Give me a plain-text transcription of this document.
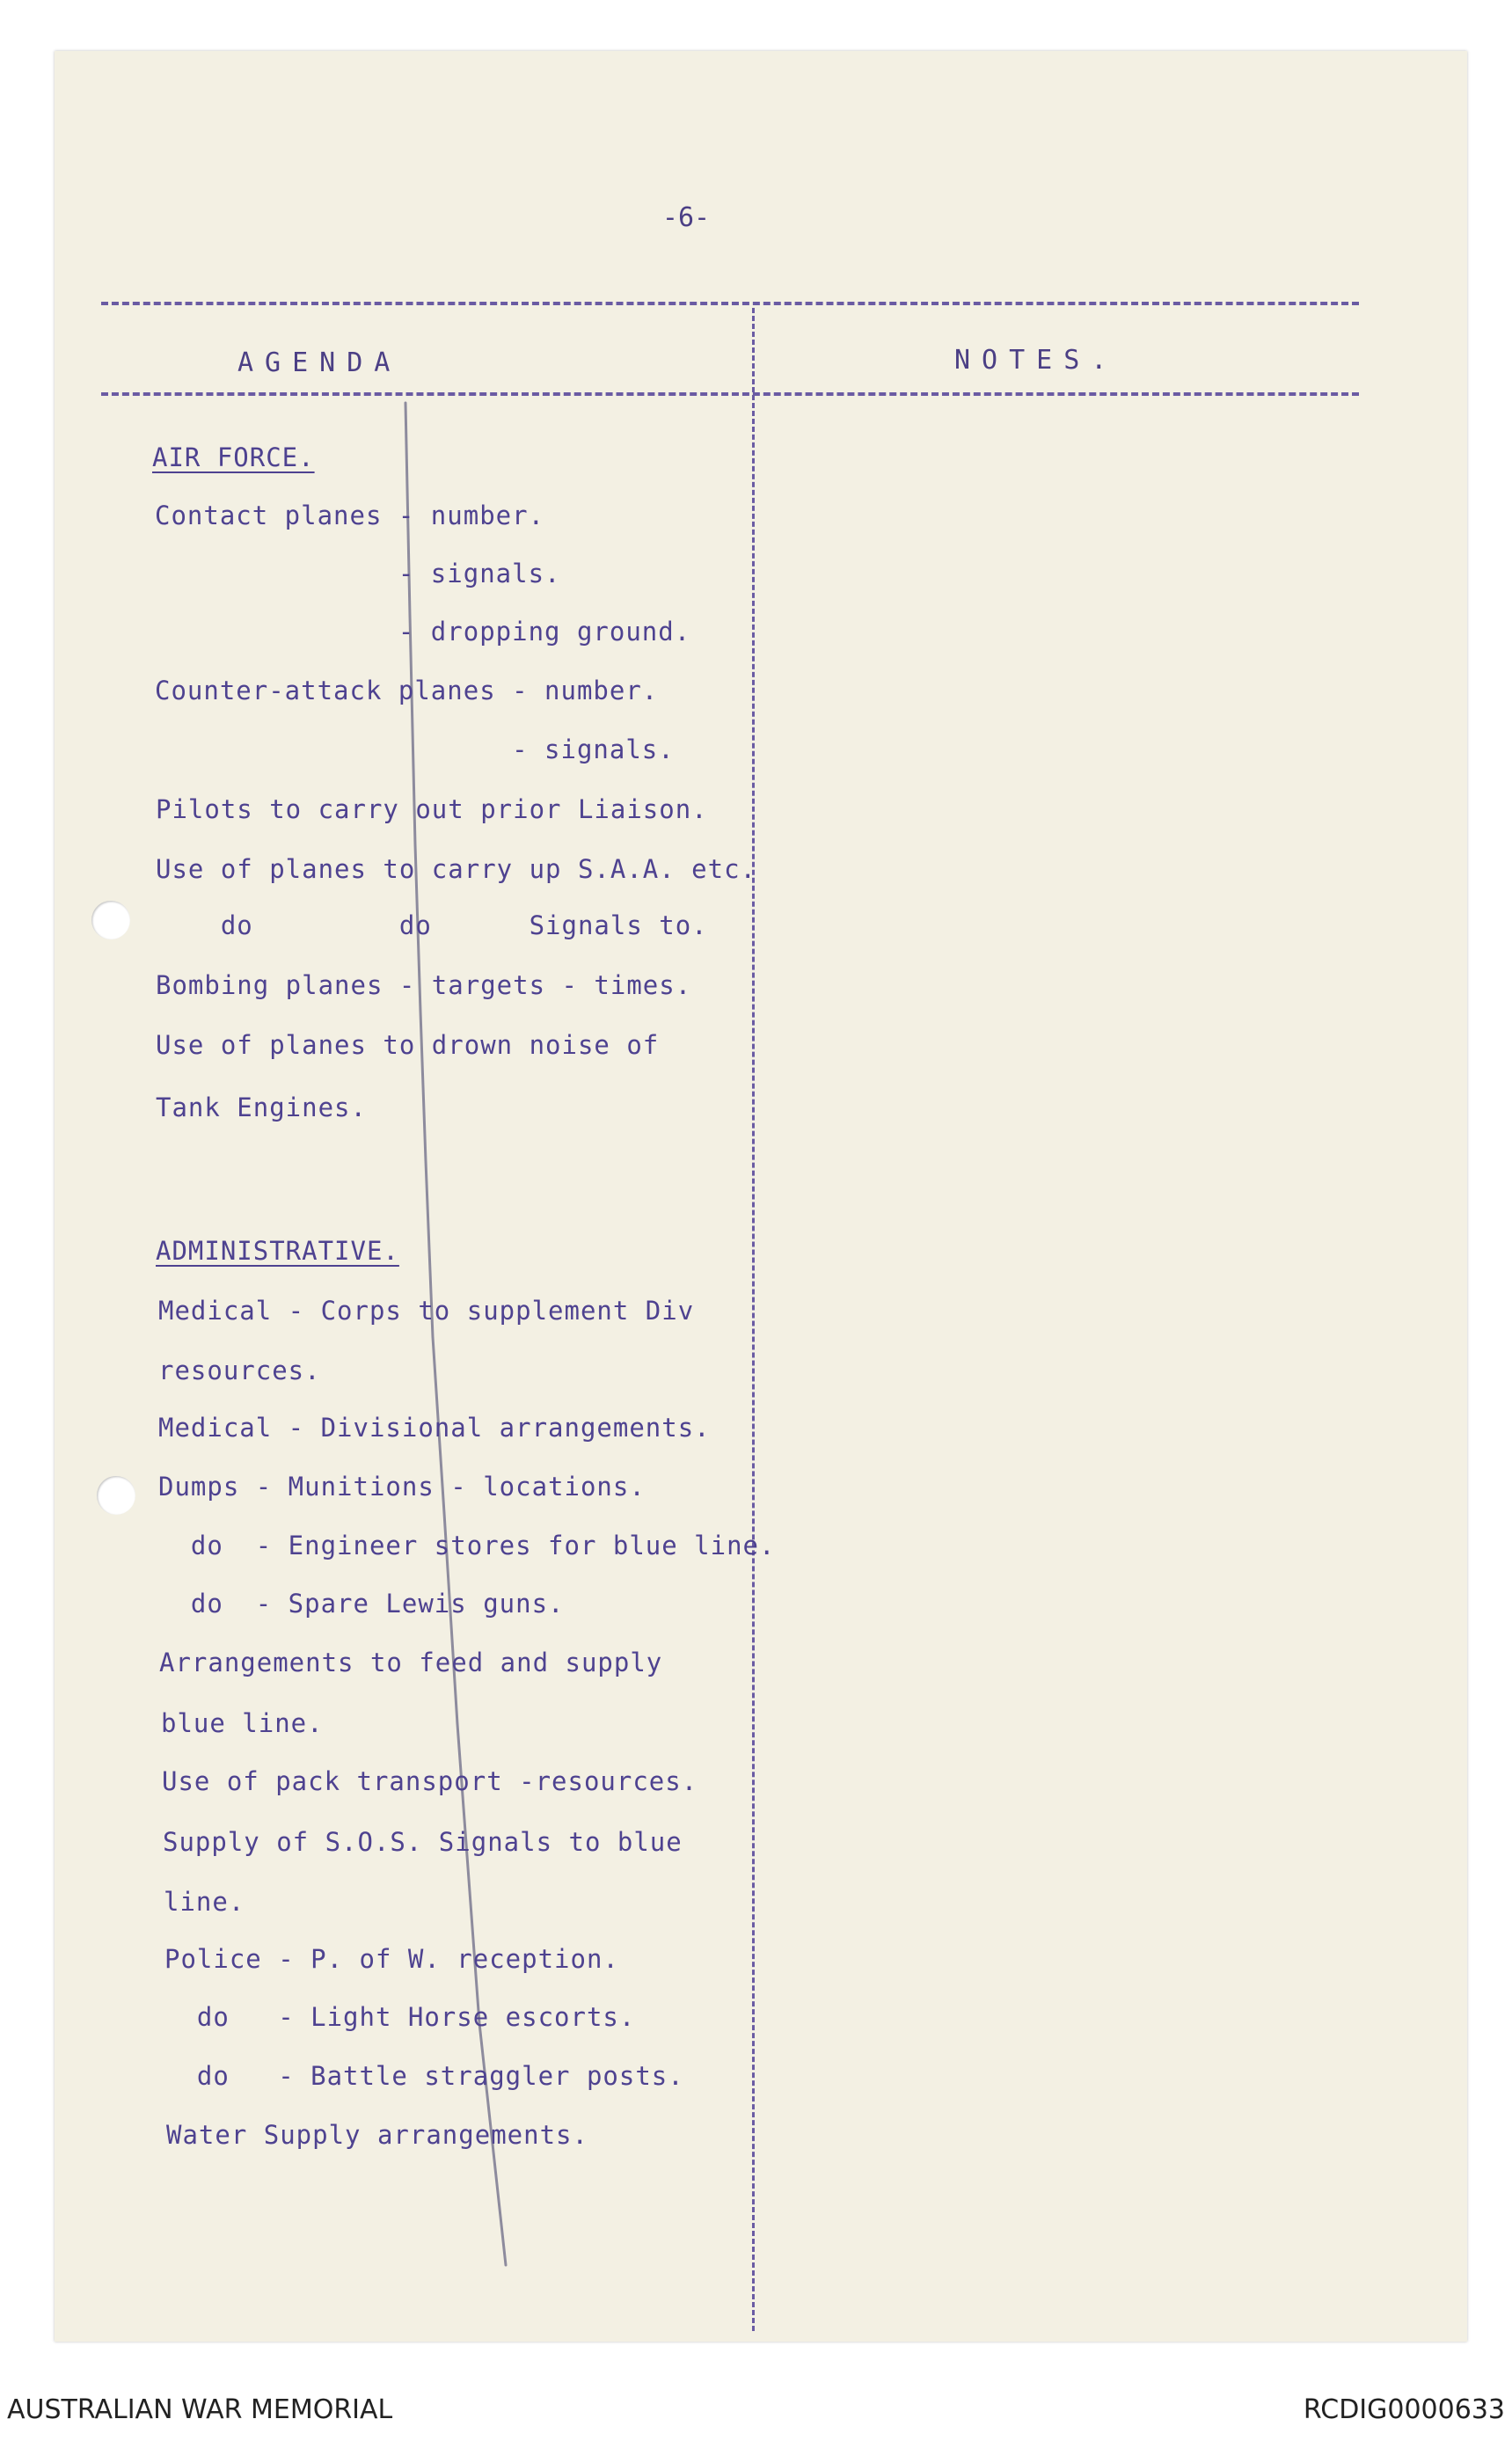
-6-
AGENDA	NOTES.
AIR FORCE.
Contact planes - number.
- signals.
- dropping ground.
Counter-attack planes - number.
- signals.
Pilots to carry out prior Liaison.
Use of planes to carry up S.A.A. etc.
do         do      Signals to.
Bombing planes - targets - times.
Use of planes to drown noise of
Tank Engines.
ADMINISTRATIVE.
Medical - Corps to supplement Div
resources.
Medical - Divisional arrangements.
Dumps - Munitions - locations.
do  - Engineer stores for blue line.
do  - Spare Lewis guns.
Arrangements to feed and supply
blue line.
Use of pack transport -resources.
Supply of S.O.S. Signals to blue
line.
Police - P. of W. reception.
do   - Light Horse escorts.
do   - Battle straggler posts.
Water Supply arrangements.
AUSTRALIAN WAR MEMORIAL	RCDIG0000633
